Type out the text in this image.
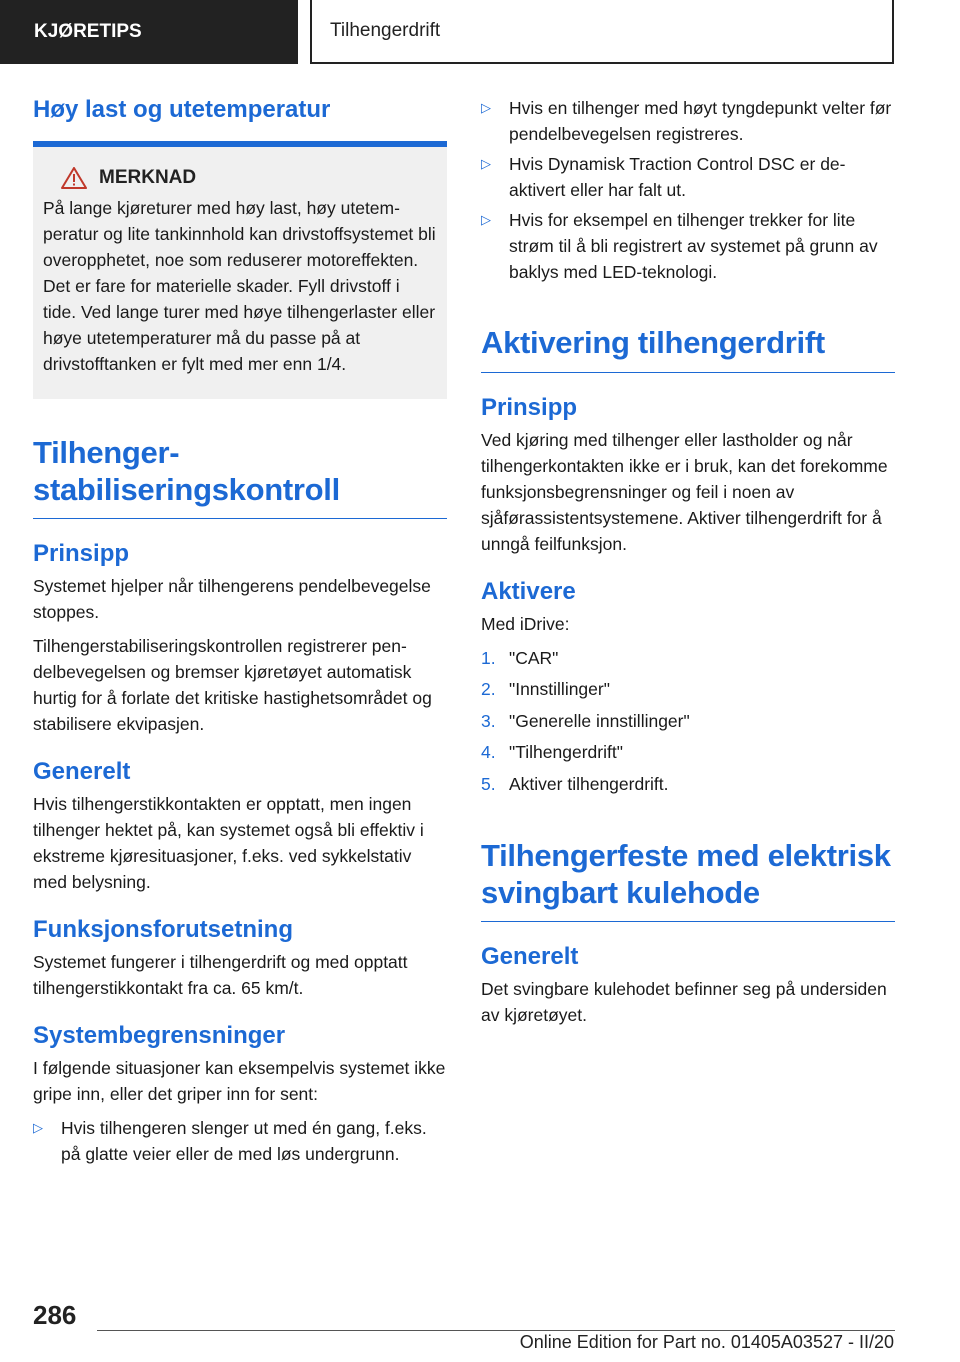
KJØRETIPS	Tilhengerdrift
Høy last og utetemperatur
MERKNAD

På lange kjøreturer med høy last, høy utetemperatur og lite tankinnhold kan drivstoffsystemet bli overopphetet, noe som reduserer motoreffekten. Det er fare for materielle skader. Fyll drivstoff i tide. Ved lange turer med høye tilhengerlaster eller høye utetemperaturer må du passe på at drivstofftanken er fylt med mer enn 1/4.

Tilhengerstabiliseringskontroll
Prinsipp

Systemet hjelper når tilhengerens pendelbevegelse stoppes.

Tilhengerstabiliseringskontrollen registrerer pendelbevegelsen og bremser kjøretøyet automatisk hurtig for å forlate det kritiske hastighetsområdet og stabilisere ekvipasjen.

Generelt

Hvis tilhengerstikkontakten er opptatt, men ingen tilhenger hektet på, kan systemet også bli effektiv i ekstreme kjøresituasjoner, f.eks. ved sykkelstativ med belysning.

Funksjonsforutsetning

Systemet fungerer i tilhengerdrift og med opptatt tilhengerstikkontakt fra ca. 65 km/t.

Systembegrensninger

I følgende situasjoner kan eksempelvis systemet ikke gripe inn, eller det griper inn for sent:

▷ Hvis tilhengeren slenger ut med én gang, f.eks. på glatte veier eller de med løs undergrunn.
▷ Hvis en tilhenger med høyt tyngdepunkt velter før pendelbevegelsen registreres.
▷ Hvis Dynamisk Traction Control DSC er deaktivert eller har falt ut.
▷ Hvis for eksempel en tilhenger trekker for lite strøm til å bli registrert av systemet på grunn av baklys med LED-teknologi.
Aktivering tilhengerdrift
Prinsipp

Ved kjøring med tilhenger eller lastholder og når tilhengerkontakten ikke er i bruk, kan det forekomme funksjonsbegrensninger og feil i noen av sjåførassistentsystemene. Aktiver tilhengerdrift for å unngå feilfunksjon.

Aktivere

Med iDrive:

1. "CAR"
2. "Innstillinger"
3. "Generelle innstillinger"
4. "Tilhengerdrift"
5. Aktiver tilhengerdrift.
Tilhengerfeste med elektrisk svingbart kulehode
Generelt

Det svingbare kulehodet befinner seg på undersiden av kjøretøyet.

286
Online Edition for Part no. 01405A03527 - II/20
